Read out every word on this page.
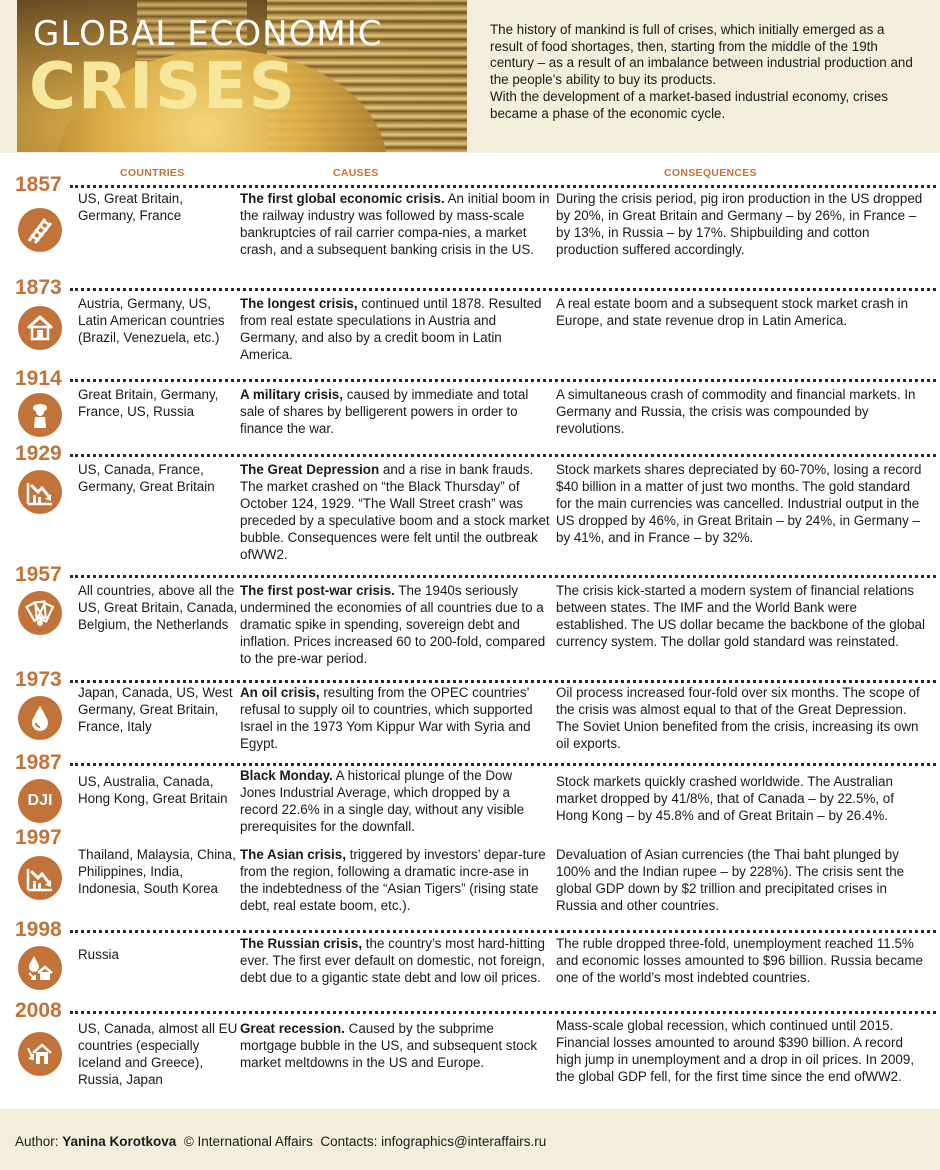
GLOBAL ECONOMIC
CRISES

The history of mankind is full of crises, which initially emerged as a result of food shortages, then, starting from the middle of the 19th century – as a result of an imbalance between industrial production and the people’s ability to buy its products.

With the development of a market-based industrial economy, crises became a phase of the economic cycle.

COUNTRIES	CAUSES	CONSEQUENCES
1857
US, Great Britain, Germany, France
The first global economic crisis. An initial boom in the railway industry was followed by mass-scale bankruptcies of rail carrier compa-nies, a market crash, and a subsequent banking crisis in the US.
During the crisis period, pig iron production in the US dropped by 20%, in Great Britain and Germany – by 26%, in France – by 13%, in Russia – by 17%. Shipbuilding and cotton production suffered accordingly.
1873
Austria, Germany, US, Latin American countries (Brazil, Venezuela, etc.)
The longest crisis, continued until 1878. Resulted from real estate speculations in Austria and Germany, and also by a credit boom in Latin America.
A real estate boom and a subsequent stock market crash in Europe, and state revenue drop in Latin America.
1914
Great Britain, Germany, France, US, Russia
A military crisis, caused by immediate and total sale of shares by belligerent powers in order to finance the war.
A simultaneous crash of commodity and financial markets. In Germany and Russia, the crisis was compounded by revolutions.
1929
US, Canada, France, Germany, Great Britain
The Great Depression and a rise in bank frauds. The market crashed on “the Black Thursday” of October 124, 1929. “The Wall Street crash” was preceded by a speculative boom and a stock market bubble. Consequences were felt until the outbreak ofWW2.
Stock markets shares depreciated by 60-70%, losing a record $40 billion in a matter of just two months. The gold standard for the main currencies was cancelled. Industrial output in the US dropped by 46%, in Great Britain – by 24%, in Germany – by 41%, and in France – by 32%.
1957
All countries, above all the US, Great Britain, Canada, Belgium, the Netherlands
The first post-war crisis. The 1940s seriously undermined the economies of all countries due to a dramatic spike in spending, sovereign debt and inflation. Prices increased 60 to 200-fold, compared to the pre-war period.
The crisis kick-started a modern system of financial relations between states. The IMF and the World Bank were established. The US dollar became the backbone of the global currency system. The dollar gold standard was reinstated.
1973
Japan, Canada, US, West Germany, Great Britain, France, Italy
An oil crisis, resulting from the OPEC countries’ refusal to supply oil to countries, which supported Israel in the 1973 Yom Kippur War with Syria and Egypt.
Oil process increased four-fold over six months. The scope of the crisis was almost equal to that of the Great Depression. The Soviet Union benefited from the crisis, increasing its own oil exports.
1987
DJI
US, Australia, Canada, Hong Kong, Great Britain
Black Monday. A historical plunge of the Dow Jones Industrial Average, which dropped by a record 22.6% in a single day, without any visible prerequisites for the downfall.
Stock markets quickly crashed worldwide. The Australian market dropped by 41/8%, that of Canada – by 22.5%, of Hong Kong – by 45.8% and of Great Britain – by 26.4%.
1997
Thailand, Malaysia, China, Philippines, India, Indonesia, South Korea
The Asian crisis, triggered by investors’ depar-ture from the region, following a dramatic incre-ase in the indebtedness of the “Asian Tigers” (rising state debt, real estate boom, etc.).
Devaluation of Asian currencies (the Thai baht plunged by 100% and the Indian rupee – by 228%). The crisis sent the global GDP down by $2 trillion and precipitated crises in Russia and other countries.
1998
Russia
The Russian crisis, the country’s most hard-hitting ever. The first ever default on domestic, not foreign, debt due to a gigantic state debt and low oil prices.
The ruble dropped three-fold, unemployment reached 11.5% and economic losses amounted to $96 billion. Russia became one of the world’s most indebted countries.
2008
US, Canada, almost all EU countries (especially Iceland and Greece), Russia, Japan
Great recession. Caused by the subprime mortgage bubble in the US, and subsequent stock market meltdowns in the US and Europe.
Mass-scale global recession, which continued until 2015. Financial losses amounted to around $390 billion. A record high jump in unemployment and a drop in oil prices. In 2009, the global GDP fell, for the first time since the end ofWW2.
Author: Yanina Korotkova © International Affairs Contacts: infographics@interaffairs.ru
